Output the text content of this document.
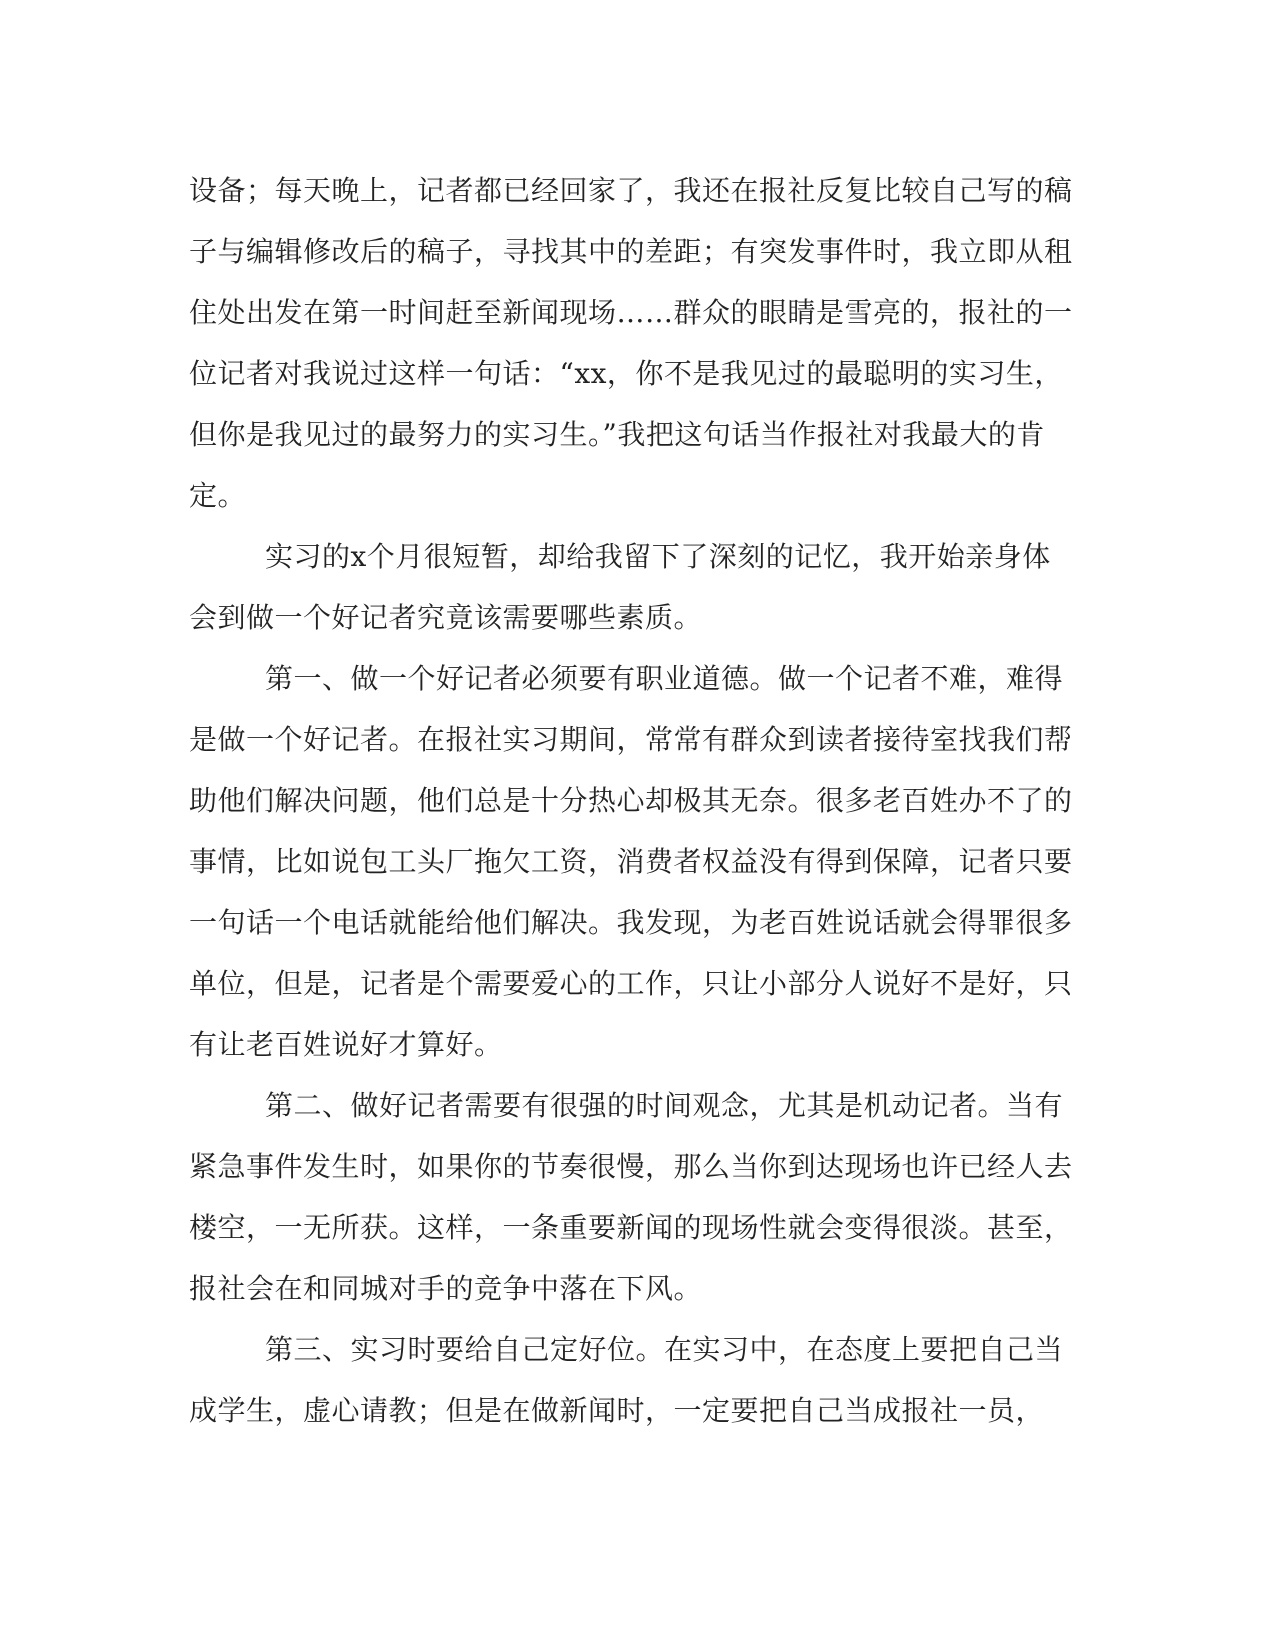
设备；每天晚上，记者都已经回家了，我还在报社反复比较自己写的稿子与编辑修改后的稿子，寻找其中的差距；有突发事件时，我立即从租住处出发在第一时间赶至新闻现场……群众的眼睛是雪亮的，报社的一位记者对我说过这样一句话：“xx，你不是我见过的最聪明的实习生，但你是我见过的最努力的实习生。”我把这句话当作报社对我最大的肯定。

实习的x个月很短暂，却给我留下了深刻的记忆，我开始亲身体会到做一个好记者究竟该需要哪些素质。

第一、做一个好记者必须要有职业道德。做一个记者不难，难得是做一个好记者。在报社实习期间，常常有群众到读者接待室找我们帮助他们解决问题，他们总是十分热心却极其无奈。很多老百姓办不了的事情，比如说包工头厂拖欠工资，消费者权益没有得到保障，记者只要一句话一个电话就能给他们解决。我发现，为老百姓说话就会得罪很多单位，但是，记者是个需要爱心的工作，只让小部分人说好不是好，只有让老百姓说好才算好。

第二、做好记者需要有很强的时间观念，尤其是机动记者。当有紧急事件发生时，如果你的节奏很慢，那么当你到达现场也许已经人去楼空，一无所获。这样，一条重要新闻的现场性就会变得很淡。甚至，报社会在和同城对手的竞争中落在下风。

第三、实习时要给自己定好位。在实习中，在态度上要把自己当成学生，虚心请教；但是在做新闻时，一定要把自己当成报社一员，
